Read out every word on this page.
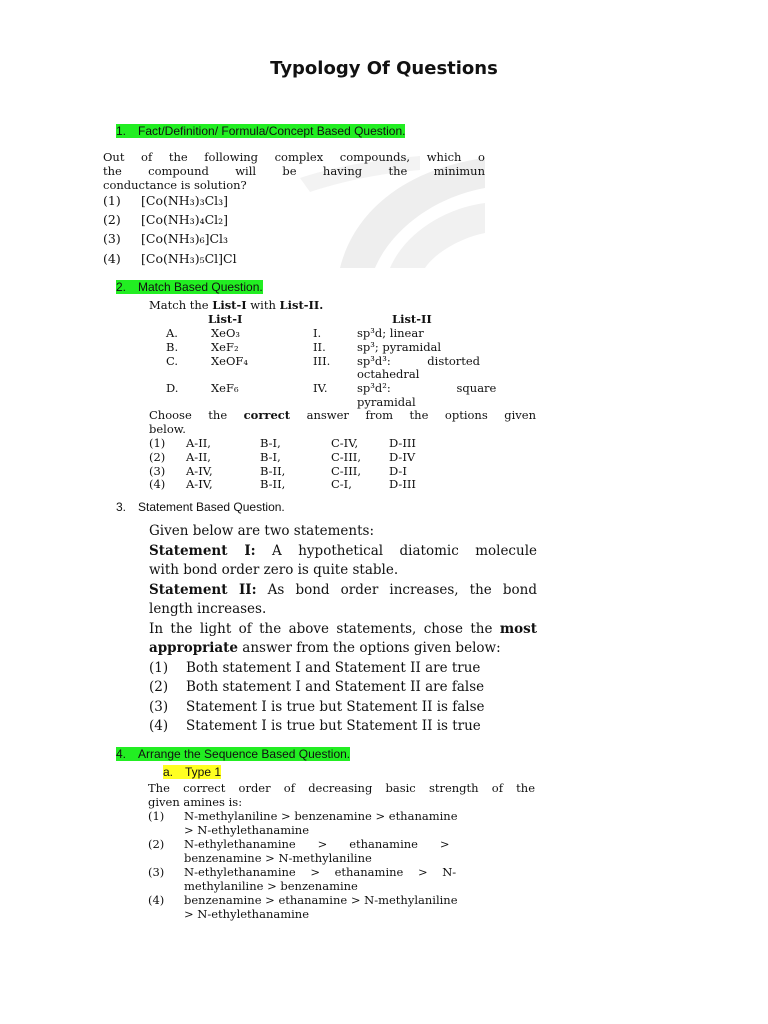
Typology Of Questions
1. Fact/Definition/ Formula/Concept Based Question.
Out of the following complex compounds, which o
the compound will be having the minimun
conductance is solution?
(1) [Co(NH₃)₃Cl₃]
(2) [Co(NH₃)₄Cl₂]
(3) [Co(NH₃)₆]Cl₃
(4) [Co(NH₃)₅Cl]Cl
2. Match Based Question.
Match the List-I with List-II.
List-I	List-II
A.	XeO₃	I.	sp³d; linear
B.	XeF₂	II.	sp³; pyramidal
C.	XeOF₄	III. sp³d³:          distorted
octahedral
D.	XeF₆	IV.	sp³d²:                  square
pyramidal
Choose the correct answer from the options given
below.
(1) A-II,	B-I,	C-IV,	D-III
(2) A-II,	B-I,	C-III, D-IV
(3) A-IV,	B-II,	C-III, D-I
(4) A-IV,	B-II,	C-I,	D-III
3. Statement Based Question.
Given below are two statements:
Statement I: A hypothetical diatomic molecule
with bond order zero is quite stable.
Statement II: As bond order increases, the bond
length increases.
In the light of the above statements, chose the most
appropriate answer from the options given below:
(1) Both statement I and Statement II are true
(2) Both statement I and Statement II are false
(3) Statement I is true but Statement II is false
(4) Statement I is true but Statement II is true
4. Arrange the Sequence Based Question.
a. Type 1
The correct order of decreasing basic strength of the
given amines is:
(1)	N-methylaniline > benzenamine > ethanamine
> N-ethylethanamine
(2)	N-ethylethanamine      >      ethanamine      >
benzenamine > N-methylaniline
(3)	N-ethylethanamine    >    ethanamine    >    N-
methylaniline > benzenamine
(4)	benzenamine > ethanamine > N-methylaniline
> N-ethylethanamine
